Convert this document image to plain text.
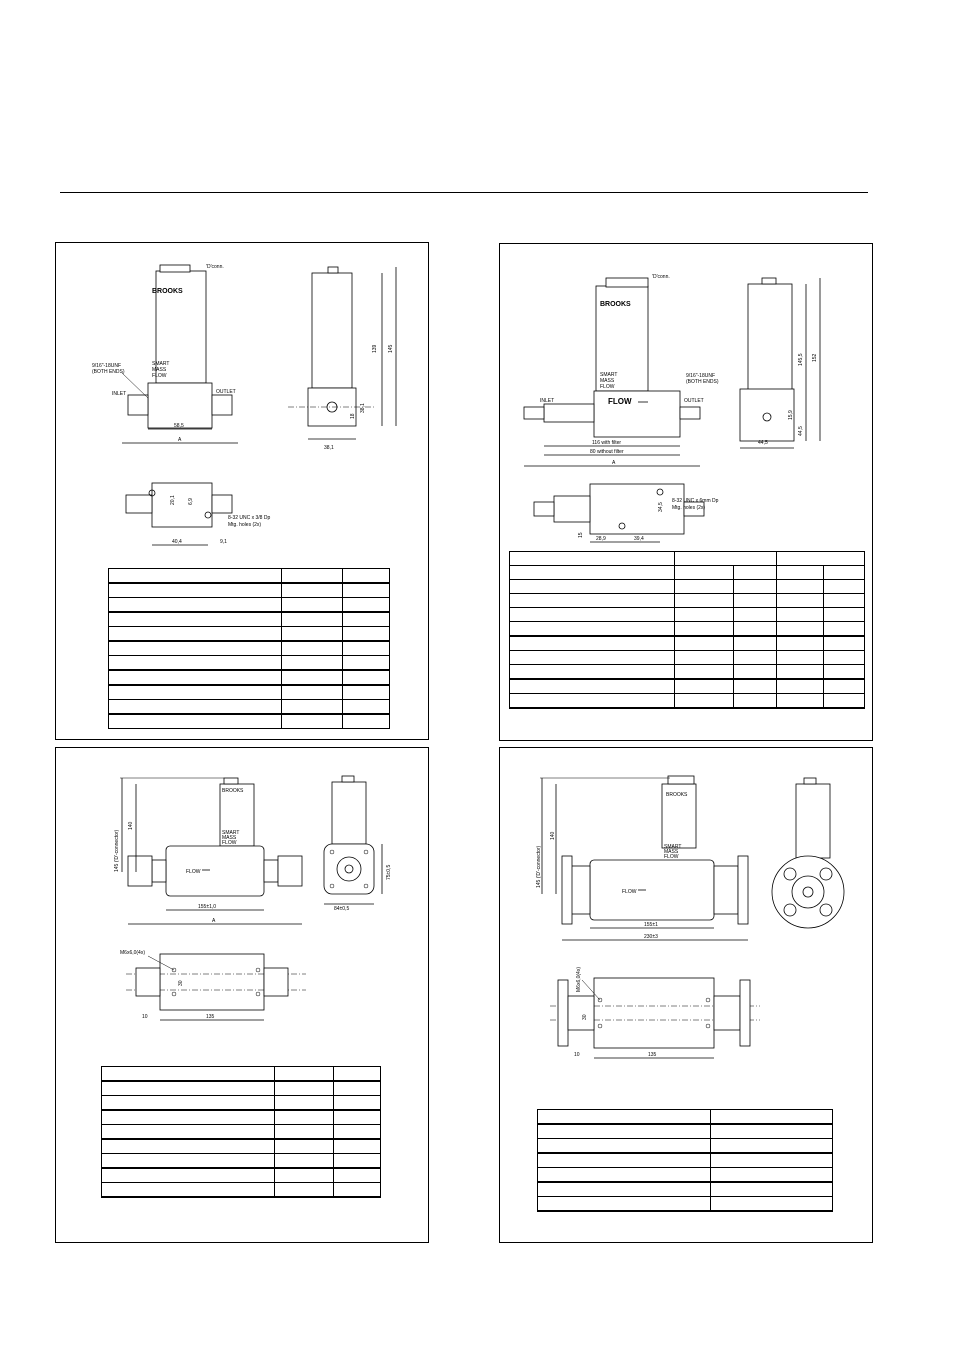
'D'conn.
BROOKS
SMART
MASS
FLOW
INLET	OUTLET
9/16"-18UNF
(BOTH ENDS)
58,5
A
139 145
38,1
18
38,1
20,1 6,9
8-32 UNC x 3/8 Dp
Mtg. holes (2x)
40,4	9,1

'D'conn.
BROOKS
SMART
MASS
FLOW
FLOW
INLET	OUTLET
9/16"-18UNF
(BOTH ENDS)
116 with filter
80 without filter
A
145,5 152
44,5
15,9
44,5
34,5
8-32 UNC x 6mm Dp
Mtg. holes (2x)
28,9	39,4
15

BROOKS
SMART
MASS
FLOW
FLOW
145 ('D'-connector)
140
155±1,0
A
75±0,5
84±0,5
M6x6,0(4x)
30
10	135

BROOKS
SMART
MASS
FLOW
FLOW
145 ('D'-connector)
140
155±1
230±3
M6x6,0(4x)
30
10	135
